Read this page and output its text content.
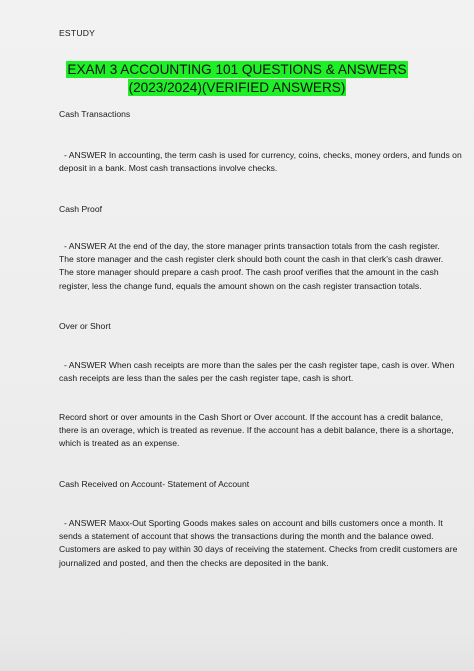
ESTUDY
EXAM 3 ACCOUNTING 101 QUESTIONS & ANSWERS
(2023/2024)(VERIFIED ANSWERS)
Cash Transactions
- ANSWER In accounting, the term cash is used for currency, coins, checks, money orders, and funds on
deposit in a bank. Most cash transactions involve checks.
Cash Proof
- ANSWER At the end of the day, the store manager prints transaction totals from the cash register.
The store manager and the cash register clerk should both count the cash in that clerk's cash drawer.
The store manager should prepare a cash proof. The cash proof verifies that the amount in the cash
register, less the change fund, equals the amount shown on the cash register transaction totals.
Over or Short
- ANSWER When cash receipts are more than the sales per the cash register tape, cash is over. When
cash receipts are less than the sales per the cash register tape, cash is short.
Record short or over amounts in the Cash Short or Over account. If the account has a credit balance,
there is an overage, which is treated as revenue. If the account has a debit balance, there is a shortage,
which is treated as an expense.
Cash Received on Account- Statement of Account
- ANSWER Maxx-Out Sporting Goods makes sales on account and bills customers once a month. It
sends a statement of account that shows the transactions during the month and the balance owed.
Customers are asked to pay within 30 days of receiving the statement. Checks from credit customers are
journalized and posted, and then the checks are deposited in the bank.
